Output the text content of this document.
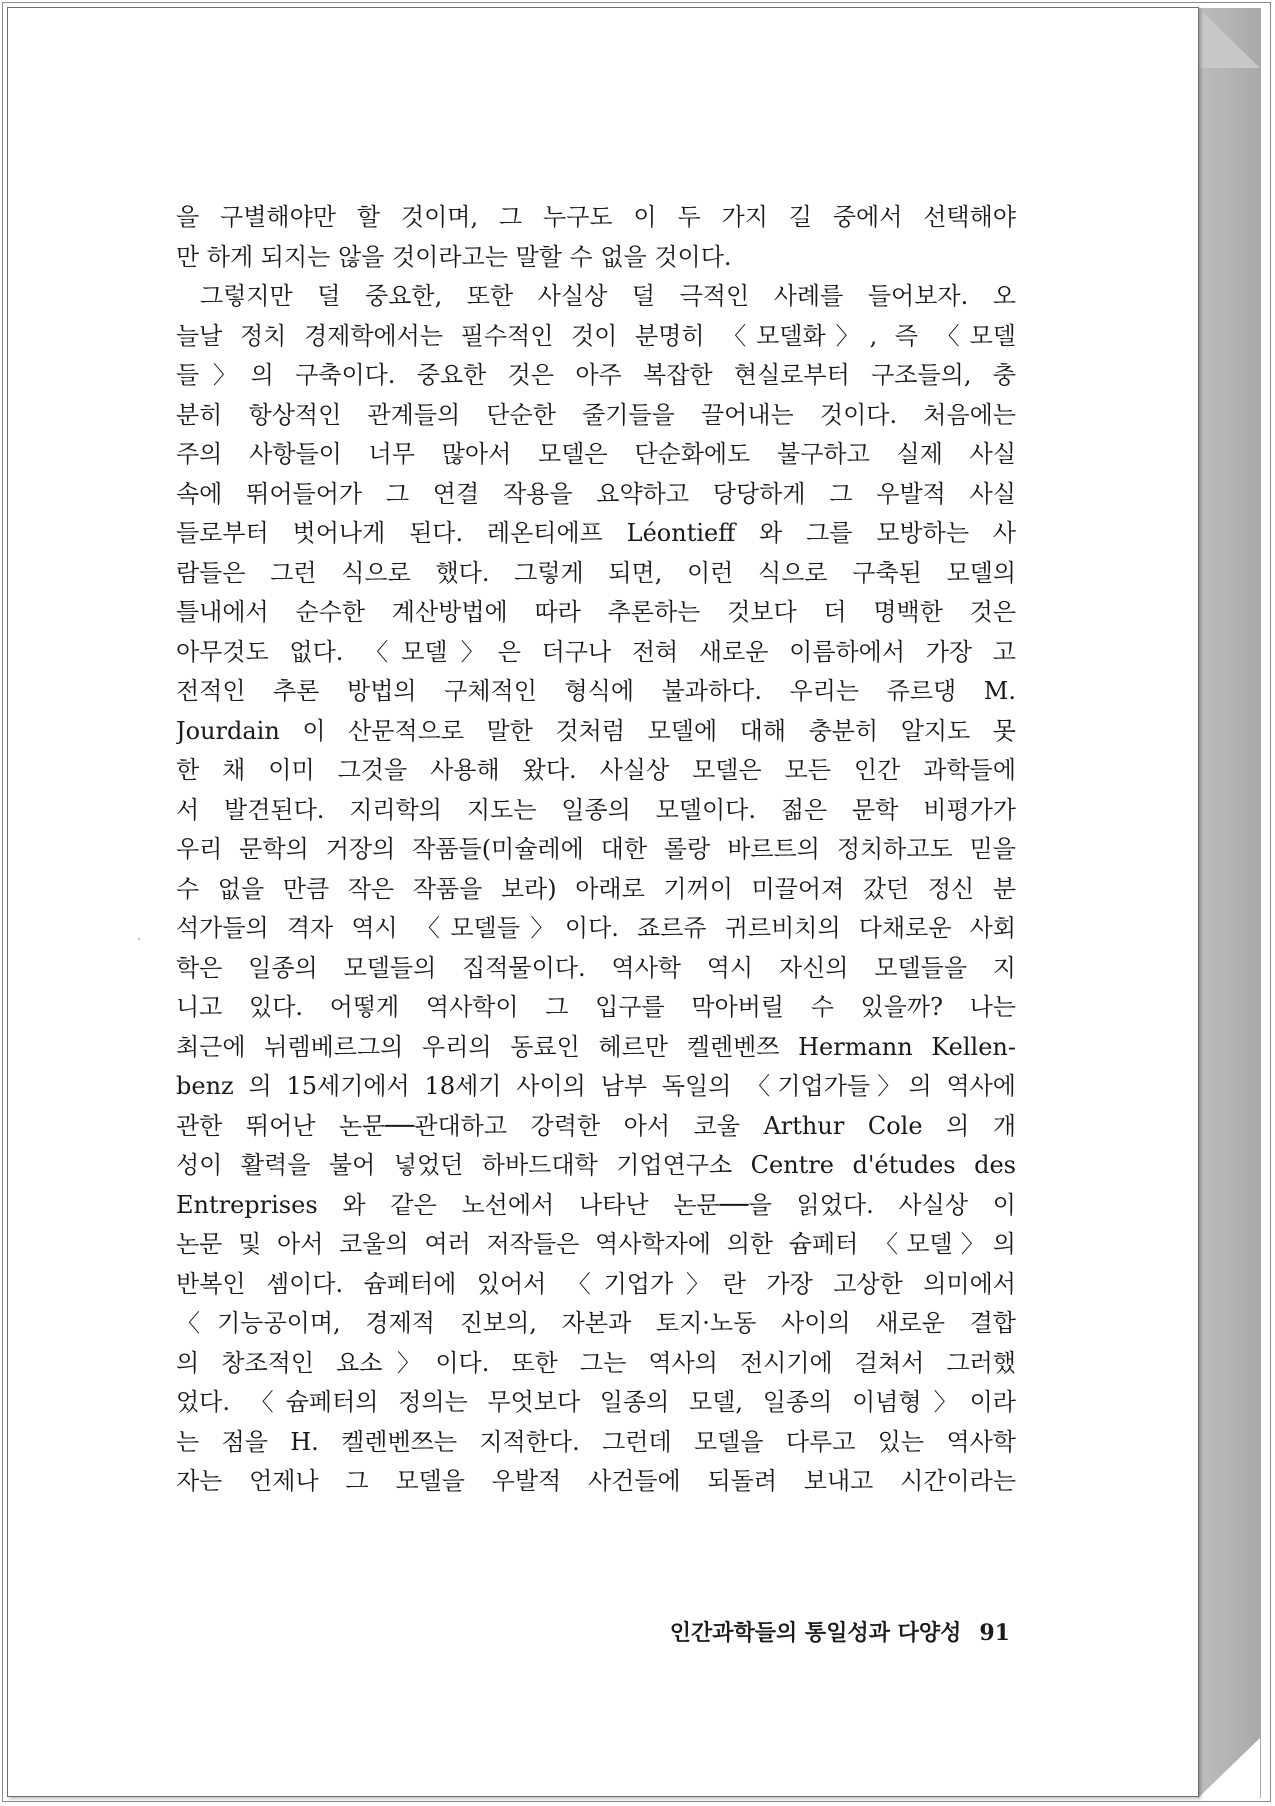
을 구별해야만 할 것이며, 그 누구도 이 두 가지 길 중에서 선택해야
만 하게 되지는 않을 것이라고는 말할 수 없을 것이다.
그렇지만 덜 중요한, 또한 사실상 덜 극적인 사례를 들어보자. 오
늘날 정치 경제학에서는 필수적인 것이 분명히 〈모델화〉, 즉 〈모델
들〉의 구축이다. 중요한 것은 아주 복잡한 현실로부터 구조들의, 충
분히 항상적인 관계들의 단순한 줄기들을 끌어내는 것이다. 처음에는
주의 사항들이 너무 많아서 모델은 단순화에도 불구하고 실제 사실
속에 뛰어들어가 그 연결 작용을 요약하고 당당하게 그 우발적 사실
들로부터 벗어나게 된다. 레온티에프 Léontieff 와 그를 모방하는 사
람들은 그런 식으로 했다. 그렇게 되면, 이런 식으로 구축된 모델의
틀내에서 순수한 계산방법에 따라 추론하는 것보다 더 명백한 것은
아무것도 없다. 〈모델〉은 더구나 전혀 새로운 이름하에서 가장 고
전적인 추론 방법의 구체적인 형식에 불과하다. 우리는 쥬르댕 M.
Jourdain 이 산문적으로 말한 것처럼 모델에 대해 충분히 알지도 못
한 채 이미 그것을 사용해 왔다. 사실상 모델은 모든 인간 과학들에
서 발견된다. 지리학의 지도는 일종의 모델이다. 젊은 문학 비평가가
우리 문학의 거장의 작품들(미슐레에 대한 롤랑 바르트의 정치하고도 믿을
수 없을 만큼 작은 작품을 보라) 아래로 기꺼이 미끌어져 갔던 정신 분
석가들의 격자 역시 〈모델들〉이다. 죠르쥬 귀르비치의 다채로운 사회
학은 일종의 모델들의 집적물이다. 역사학 역시 자신의 모델들을 지
니고 있다. 어떻게 역사학이 그 입구를 막아버릴 수 있을까? 나는
최근에 뉘렘베르그의 우리의 동료인 헤르만 켈렌벤쯔 Hermann Kellen-
benz 의 15세기에서 18세기 사이의 남부 독일의 〈기업가들〉의 역사에
관한 뛰어난 논문──관대하고 강력한 아서 코울 Arthur Cole 의 개
성이 활력을 불어 넣었던 하바드대학 기업연구소 Centre d'études des
Entreprises 와 같은 노선에서 나타난 논문──을 읽었다. 사실상 이
논문 및 아서 코울의 여러 저작들은 역사학자에 의한 슘페터 〈모델〉의
반복인 셈이다. 슘페터에 있어서 〈기업가〉란 가장 고상한 의미에서
〈기능공이며, 경제적 진보의, 자본과 토지·노동 사이의 새로운 결합
의 창조적인 요소〉이다. 또한 그는 역사의 전시기에 걸쳐서 그러했
었다. 〈슘페터의 정의는 무엇보다 일종의 모델, 일종의 이념형〉이라
는 점을 H. 켈렌벤쯔는 지적한다. 그런데 모델을 다루고 있는 역사학
자는 언제나 그 모델을 우발적 사건들에 되돌려 보내고 시간이라는
인간과학들의 통일성과 다양성 91
